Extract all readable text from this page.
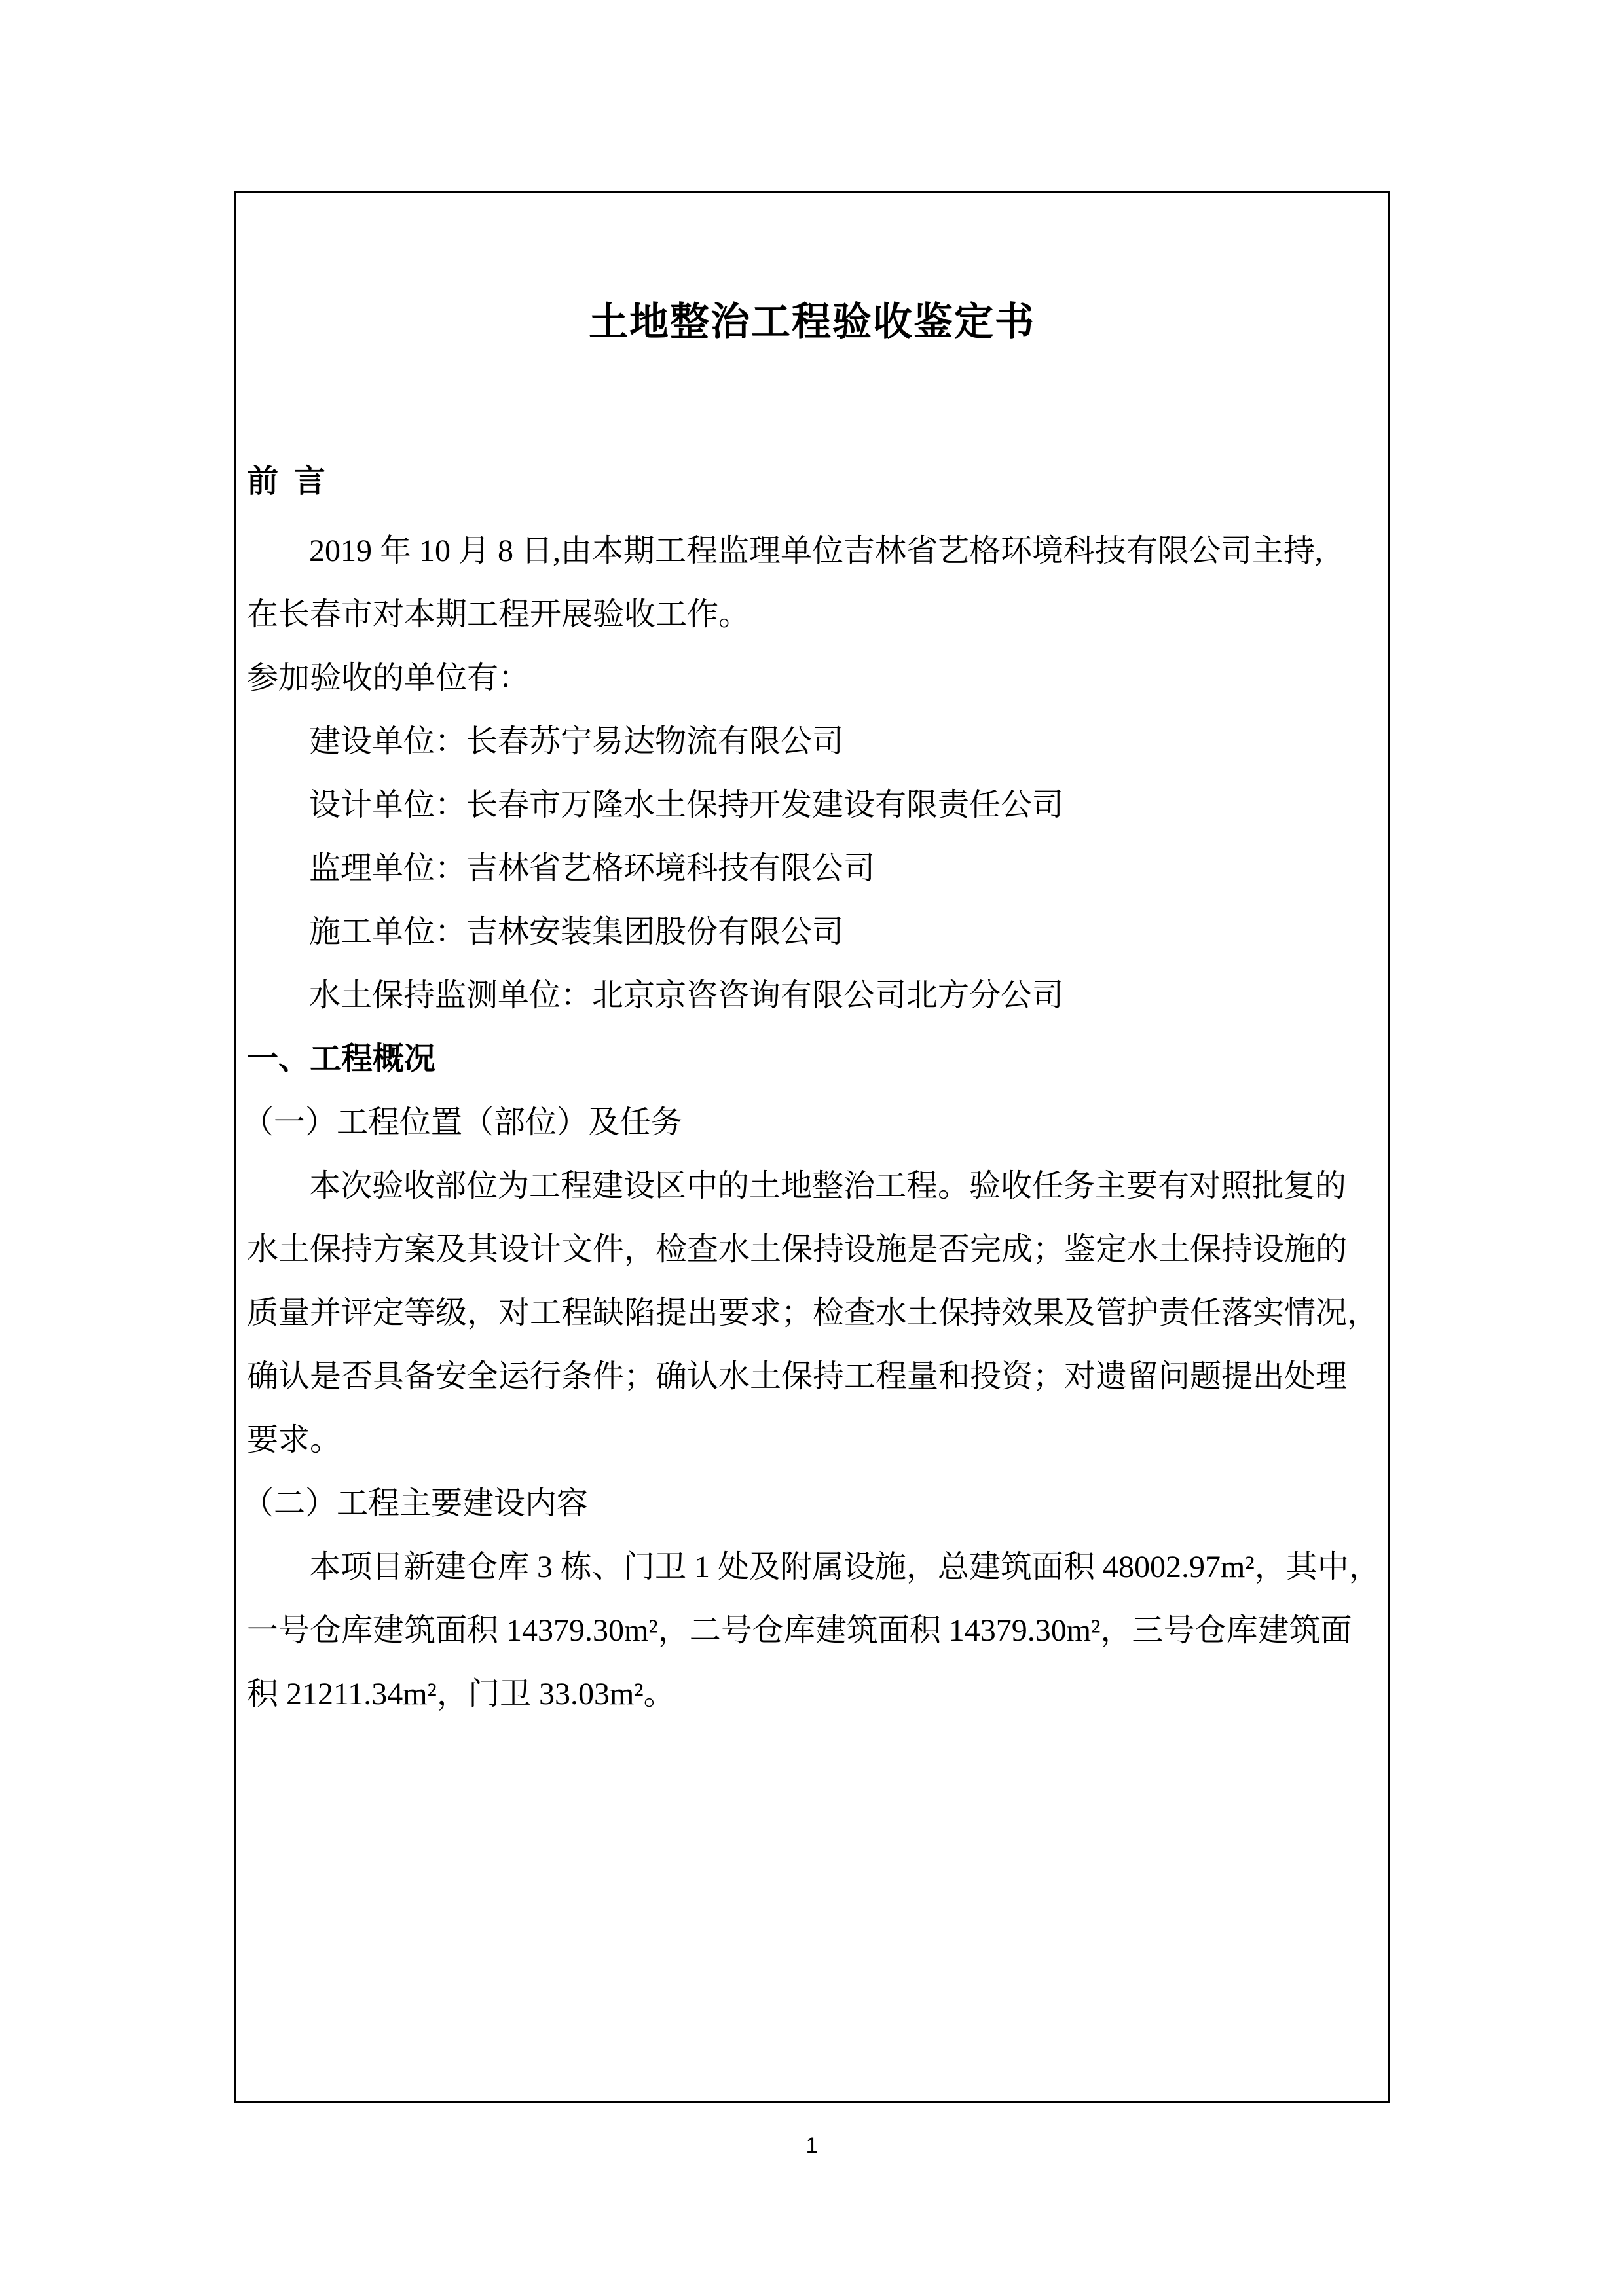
土地整治工程验收鉴定书
前  言
2019 年 10 月 8 日,由本期工程监理单位吉林省艺格环境科技有限公司主持,
在长春市对本期工程开展验收工作。
参加验收的单位有：
建设单位：长春苏宁易达物流有限公司
设计单位：长春市万隆水土保持开发建设有限责任公司
监理单位：吉林省艺格环境科技有限公司
施工单位：吉林安装集团股份有限公司
水土保持监测单位：北京京咨咨询有限公司北方分公司
一、工程概况
（一）工程位置（部位）及任务
本次验收部位为工程建设区中的土地整治工程。验收任务主要有对照批复的
水土保持方案及其设计文件，检查水土保持设施是否完成；鉴定水土保持设施的
质量并评定等级，对工程缺陷提出要求；检查水土保持效果及管护责任落实情况，
确认是否具备安全运行条件；确认水土保持工程量和投资；对遗留问题提出处理
要求。
（二）工程主要建设内容
本项目新建仓库 3 栋、门卫 1 处及附属设施，总建筑面积 48002.97m²，其中，
一号仓库建筑面积 14379.30m²，二号仓库建筑面积 14379.30m²，三号仓库建筑面
积 21211.34m²，门卫 33.03m²。
1
